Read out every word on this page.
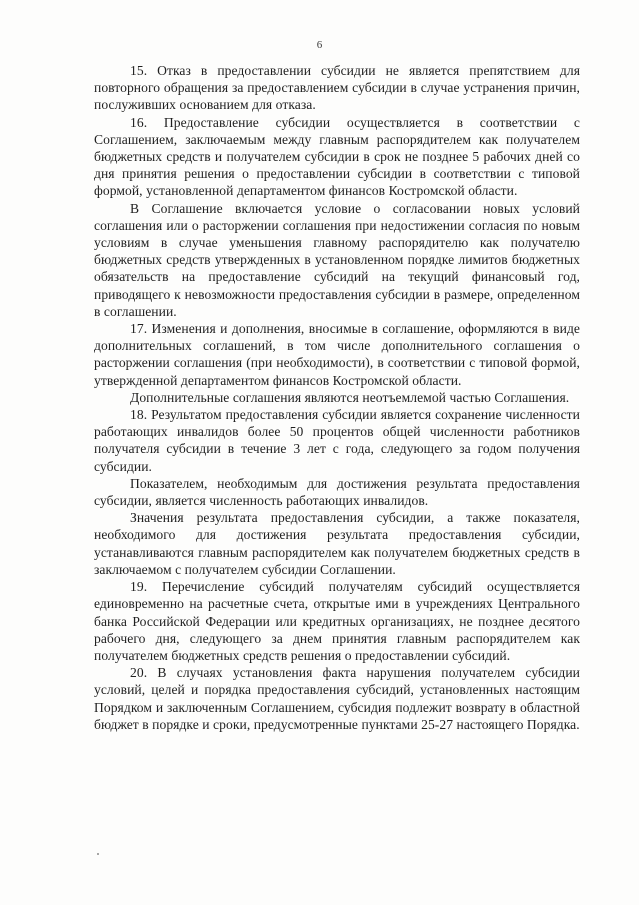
6

15. Отказ в предоставлении субсидии не является препятствием для повторного обращения за предоставлением субсидии в случае устранения причин, послуживших основанием для отказа.

16. Предоставление субсидии осуществляется в соответствии с Соглашением, заключаемым между главным распорядителем как получателем бюджетных средств и получателем субсидии в срок не позднее 5 рабочих дней со дня принятия решения о предоставлении субсидии в соответствии с типовой формой, установленной департаментом финансов Костромской области.

В Соглашение включается условие о согласовании новых условий соглашения или о расторжении соглашения при недостижении согласия по новым условиям в случае уменьшения главному распорядителю как получателю бюджетных средств утвержденных в установленном порядке лимитов бюджетных обязательств на предоставление субсидий на текущий финансовый год, приводящего к невозможности предоставления субсидии в размере, определенном в соглашении.

17. Изменения и дополнения, вносимые в соглашение, оформляются в виде дополнительных соглашений, в том числе дополнительного соглашения о расторжении соглашения (при необходимости), в соответствии с типовой формой, утвержденной департаментом финансов Костромской области.

Дополнительные соглашения являются неотъемлемой частью Соглашения.

18. Результатом предоставления субсидии является сохранение численности работающих инвалидов более 50 процентов общей численности работников получателя субсидии в течение 3 лет с года, следующего за годом получения субсидии.

Показателем, необходимым для достижения результата предоставления субсидии, является численность работающих инвалидов.

Значения результата предоставления субсидии, а также показателя, необходимого для достижения результата предоставления субсидии, устанавливаются главным распорядителем как получателем бюджетных средств в заключаемом с получателем субсидии Соглашении.

19. Перечисление субсидий получателям субсидий осуществляется единовременно на расчетные счета, открытые ими в учреждениях Центрального банка Российской Федерации или кредитных организациях, не позднее десятого рабочего дня, следующего за днем принятия главным распорядителем как получателем бюджетных средств решения о предоставлении субсидий.

20. В случаях установления факта нарушения получателем субсидии условий, целей и порядка предоставления субсидий, установленных настоящим Порядком и заключенным Соглашением, субсидия подлежит возврату в областной бюджет в порядке и сроки, предусмотренные пунктами 25-27 настоящего Порядка.
